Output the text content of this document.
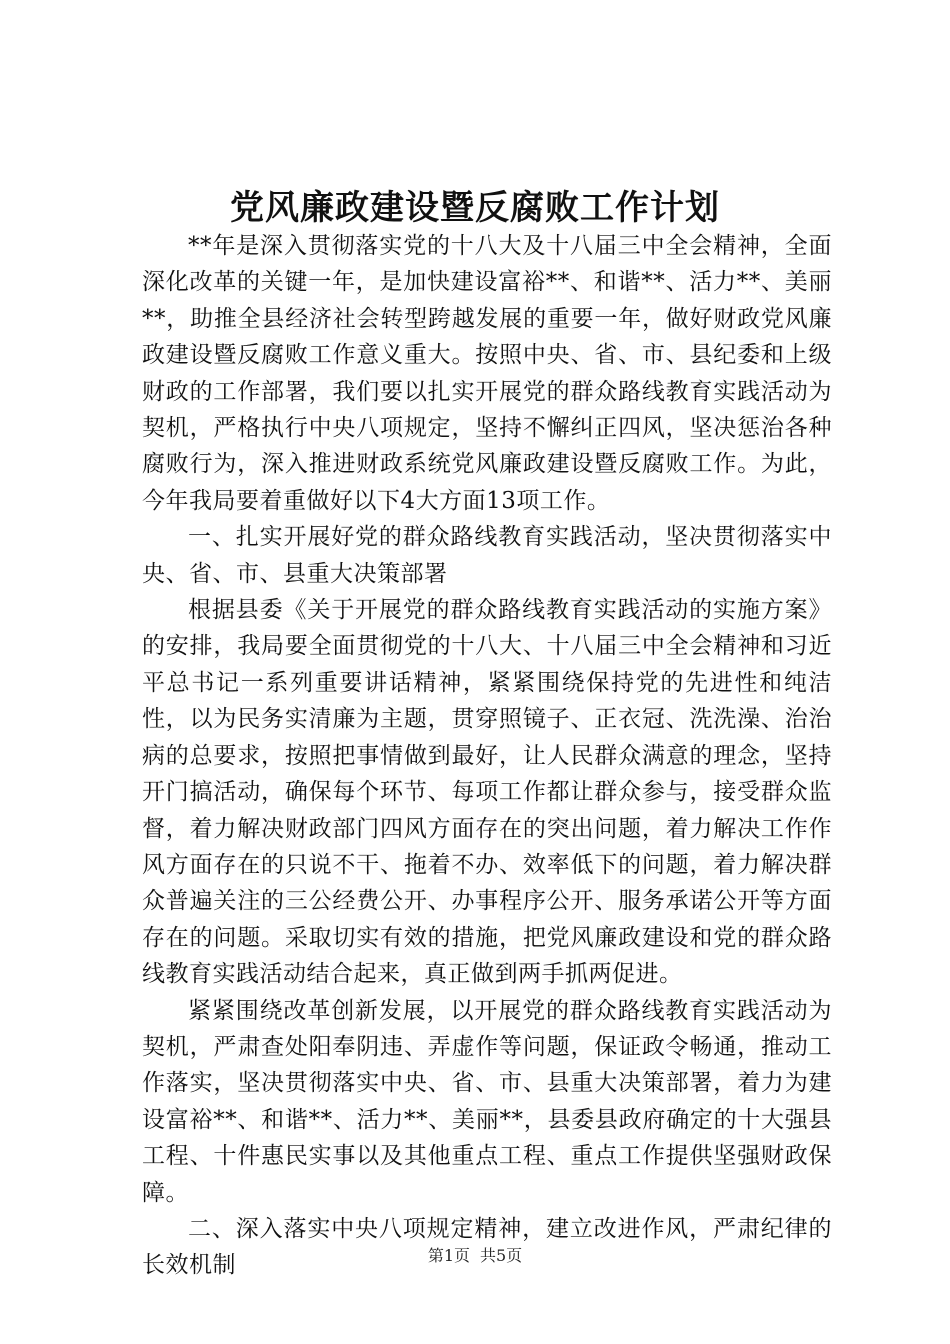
党风廉政建设暨反腐败工作计划

**年是深入贯彻落实党的十八大及十八届三中全会精神，全面深化改革的关键一年，是加快建设富裕**、和谐**、活力**、美丽**，助推全县经济社会转型跨越发展的重要一年，做好财政党风廉政建设暨反腐败工作意义重大。按照中央、省、市、县纪委和上级财政的工作部署，我们要以扎实开展党的群众路线教育实践活动为契机，严格执行中央八项规定，坚持不懈纠正四风，坚决惩治各种腐败行为，深入推进财政系统党风廉政建设暨反腐败工作。为此，今年我局要着重做好以下4大方面13项工作。

一、扎实开展好党的群众路线教育实践活动，坚决贯彻落实中央、省、市、县重大决策部署

根据县委《关于开展党的群众路线教育实践活动的实施方案》的安排，我局要全面贯彻党的十八大、十八届三中全会精神和习近平总书记一系列重要讲话精神，紧紧围绕保持党的先进性和纯洁性，以为民务实清廉为主题，贯穿照镜子、正衣冠、洗洗澡、治治病的总要求，按照把事情做到最好，让人民群众满意的理念，坚持开门搞活动，确保每个环节、每项工作都让群众参与，接受群众监督，着力解决财政部门四风方面存在的突出问题，着力解决工作作风方面存在的只说不干、拖着不办、效率低下的问题，着力解决群众普遍关注的三公经费公开、办事程序公开、服务承诺公开等方面存在的问题。采取切实有效的措施，把党风廉政建设和党的群众路线教育实践活动结合起来，真正做到两手抓两促进。

紧紧围绕改革创新发展，以开展党的群众路线教育实践活动为契机，严肃查处阳奉阴违、弄虚作等问题，保证政令畅通，推动工作落实，坚决贯彻落实中央、省、市、县重大决策部署，着力为建设富裕**、和谐**、活力**、美丽**，县委县政府确定的十大强县工程、十件惠民实事以及其他重点工程、重点工作提供坚强财政保障。

二、深入落实中央八项规定精神，建立改进作风，严肃纪律的长效机制	第1页 共5页
